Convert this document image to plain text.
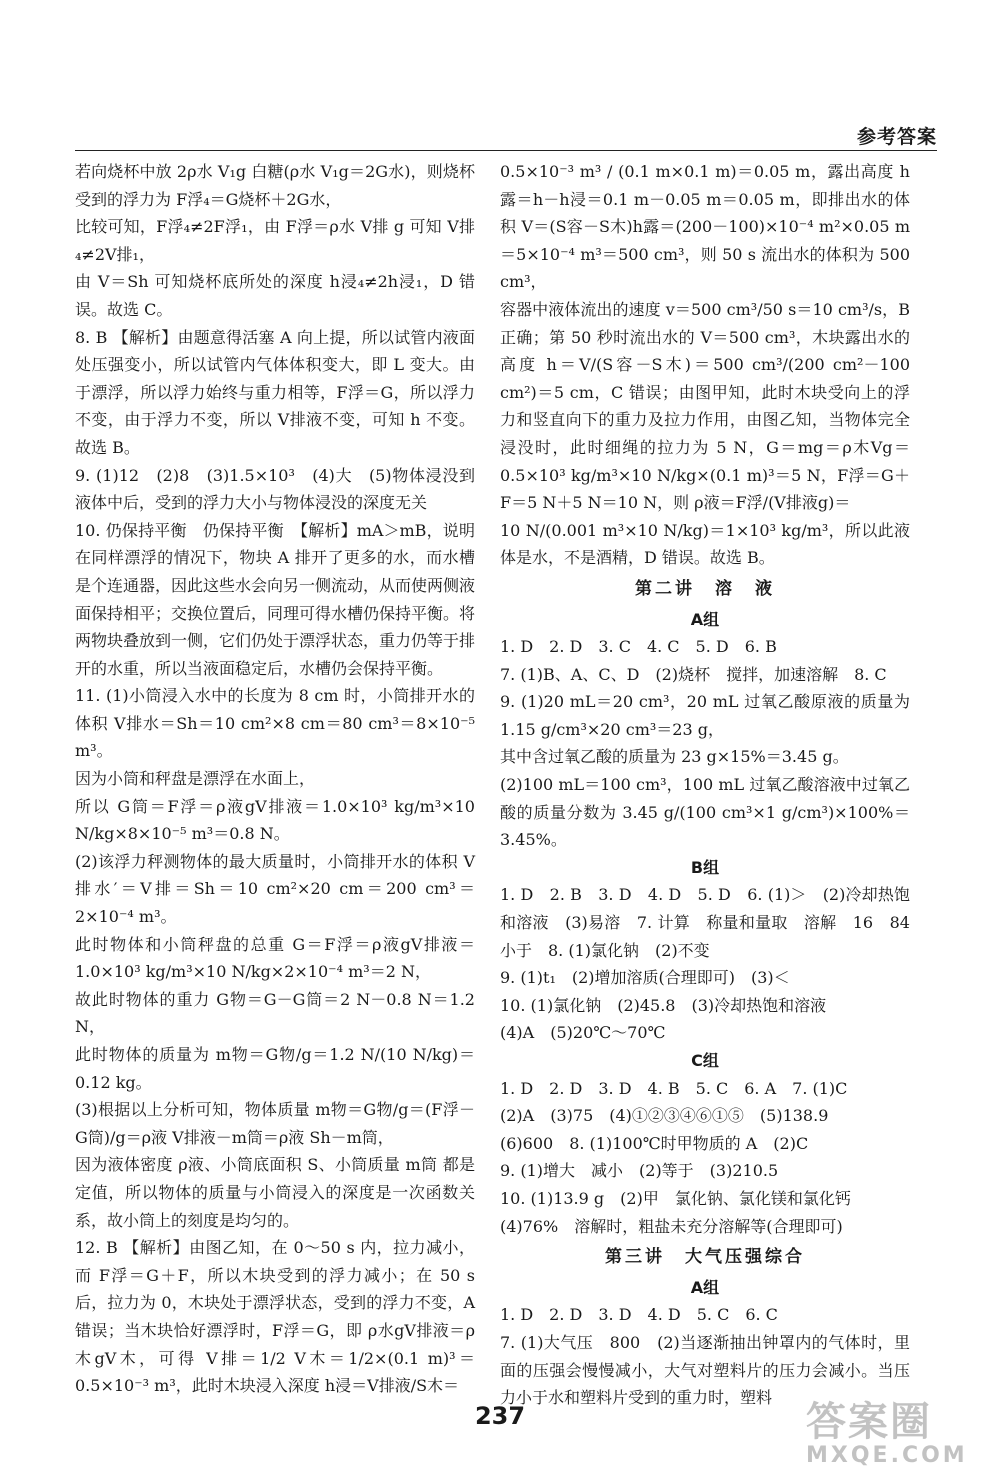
参考答案

若向烧杯中放 2ρ水 V₁g 白糖(ρ水 V₁g＝2G水)，则烧杯受到的浮力为 F浮₄＝G烧杯＋2G水，

比较可知，F浮₄≠2F浮₁，由 F浮＝ρ水 V排 g 可知 V排₄≠2V排₁，

由 V＝Sh 可知烧杯底所处的深度 h浸₄≠2h浸₁，D 错误。故选 C。

8. B 【解析】由题意得活塞 A 向上提，所以试管内液面处压强变小，所以试管内气体体积变大，即 L 变大。由于漂浮，所以浮力始终与重力相等，F浮＝G，所以浮力不变，由于浮力不变，所以 V排液不变，可知 h 不变。故选 B。

9. (1)12　(2)8　(3)1.5×10³　(4)大　(5)物体浸没到液体中后，受到的浮力大小与物体浸没的深度无关

10. 仍保持平衡　仍保持平衡　【解析】mA＞mB，说明在同样漂浮的情况下，物块 A 排开了更多的水，而水槽是个连通器，因此这些水会向另一侧流动，从而使两侧液面保持相平；交换位置后，同理可得水槽仍保持平衡。将两物块叠放到一侧，它们仍处于漂浮状态，重力仍等于排开的水重，所以当液面稳定后，水槽仍会保持平衡。

11. (1)小筒浸入水中的长度为 8 cm 时，小筒排开水的体积 V排水＝Sh＝10 cm²×8 cm＝80 cm³＝8×10⁻⁵ m³。

因为小筒和秤盘是漂浮在水面上，

所以 G筒＝F浮＝ρ液gV排液＝1.0×10³ kg/m³×10 N/kg×8×10⁻⁵ m³＝0.8 N。

(2)该浮力秤测物体的最大质量时，小筒排开水的体积 V排水′＝V排＝Sh＝10 cm²×20 cm＝200 cm³＝2×10⁻⁴ m³。

此时物体和小筒秤盘的总重 G＝F浮＝ρ液gV排液＝1.0×10³ kg/m³×10 N/kg×2×10⁻⁴ m³＝2 N，

故此时物体的重力 G物＝G－G筒＝2 N－0.8 N＝1.2 N，

此时物体的质量为 m物＝G物/g＝1.2 N/(10 N/kg)＝0.12 kg。

(3)根据以上分析可知，物体质量 m物＝G物/g＝(F浮－G筒)/g＝ρ液 V排液－m筒＝ρ液 Sh－m筒，

因为液体密度 ρ液、小筒底面积 S、小筒质量 m筒 都是定值，所以物体的质量与小筒浸入的深度是一次函数关系，故小筒上的刻度是均匀的。

12. B 【解析】由图乙知，在 0～50 s 内，拉力减小，而 F浮＝G＋F，所以木块受到的浮力减小；在 50 s 后，拉力为 0，木块处于漂浮状态，受到的浮力不变，A 错误；当木块恰好漂浮时，F浮＝G，即 ρ水gV排液＝ρ木gV木，可得 V排＝1/2 V木＝1/2×(0.1 m)³＝0.5×10⁻³ m³，此时木块浸入深度 h浸＝V排液/S木＝

0.5×10⁻³ m³ / (0.1 m×0.1 m)＝0.05 m，露出高度 h露＝h－h浸＝0.1 m－0.05 m＝0.05 m，即排出水的体积 V＝(S容－S木)h露＝(200－100)×10⁻⁴ m²×0.05 m＝5×10⁻⁴ m³＝500 cm³，则 50 s 流出水的体积为 500 cm³，

容器中液体流出的速度 v＝500 cm³/50 s＝10 cm³/s，B 正确；第 50 秒时流出水的 V＝500 cm³，木块露出水的高度 h＝V/(S容－S木)＝500 cm³/(200 cm²－100 cm²)＝5 cm，C 错误；由图甲知，此时木块受向上的浮力和竖直向下的重力及拉力作用，由图乙知，当物体完全浸没时，此时细绳的拉力为 5 N，G＝mg＝ρ木Vg＝0.5×10³ kg/m³×10 N/kg×(0.1 m)³＝5 N，F浮＝G＋F＝5 N＋5 N＝10 N，则 ρ液＝F浮/(V排液g)＝

10 N/(0.001 m³×10 N/kg)＝1×10³ kg/m³，所以此液体是水，不是酒精，D 错误。故选 B。

第二讲　溶　液
A组

1. D　2. D　3. C　4. C　5. D　6. B

7. (1)B、A、C、D　(2)烧杯　搅拌，加速溶解　8. C

9. (1)20 mL＝20 cm³，20 mL 过氧乙酸原液的质量为 1.15 g/cm³×20 cm³＝23 g，

其中含过氧乙酸的质量为 23 g×15%＝3.45 g。

(2)100 mL＝100 cm³，100 mL 过氧乙酸溶液中过氧乙酸的质量分数为 3.45 g/(100 cm³×1 g/cm³)×100%＝3.45%。

B组

1. D　2. B　3. D　4. D　5. D　6. (1)＞　(2)冷却热饱和溶液　(3)易溶　7. 计算　称量和量取　溶解　16　84　小于　8. (1)氯化钠　(2)不变

9. (1)t₁　(2)增加溶质(合理即可)　(3)＜

10. (1)氯化钠　(2)45.8　(3)冷却热饱和溶液

(4)A　(5)20℃～70℃

C组

1. D　2. D　3. D　4. B　5. C　6. A　7. (1)C

(2)A　(3)75　(4)①②③④⑥①⑤　(5)138.9

(6)600　8. (1)100℃时甲物质的 A　(2)C

9. (1)增大　减小　(2)等于　(3)210.5

10. (1)13.9 g　(2)甲　氯化钠、氯化镁和氯化钙

(4)76%　溶解时，粗盐未充分溶解等(合理即可)

第三讲　大气压强综合
A组

1. D　2. D　3. D　4. D　5. C　6. C

7. (1)大气压　800　(2)当逐渐抽出钟罩内的气体时，里面的压强会慢慢减小，大气对塑料片的压力会减小。当压力小于水和塑料片受到的重力时，塑料

237	答案圈
MXQE.COM
